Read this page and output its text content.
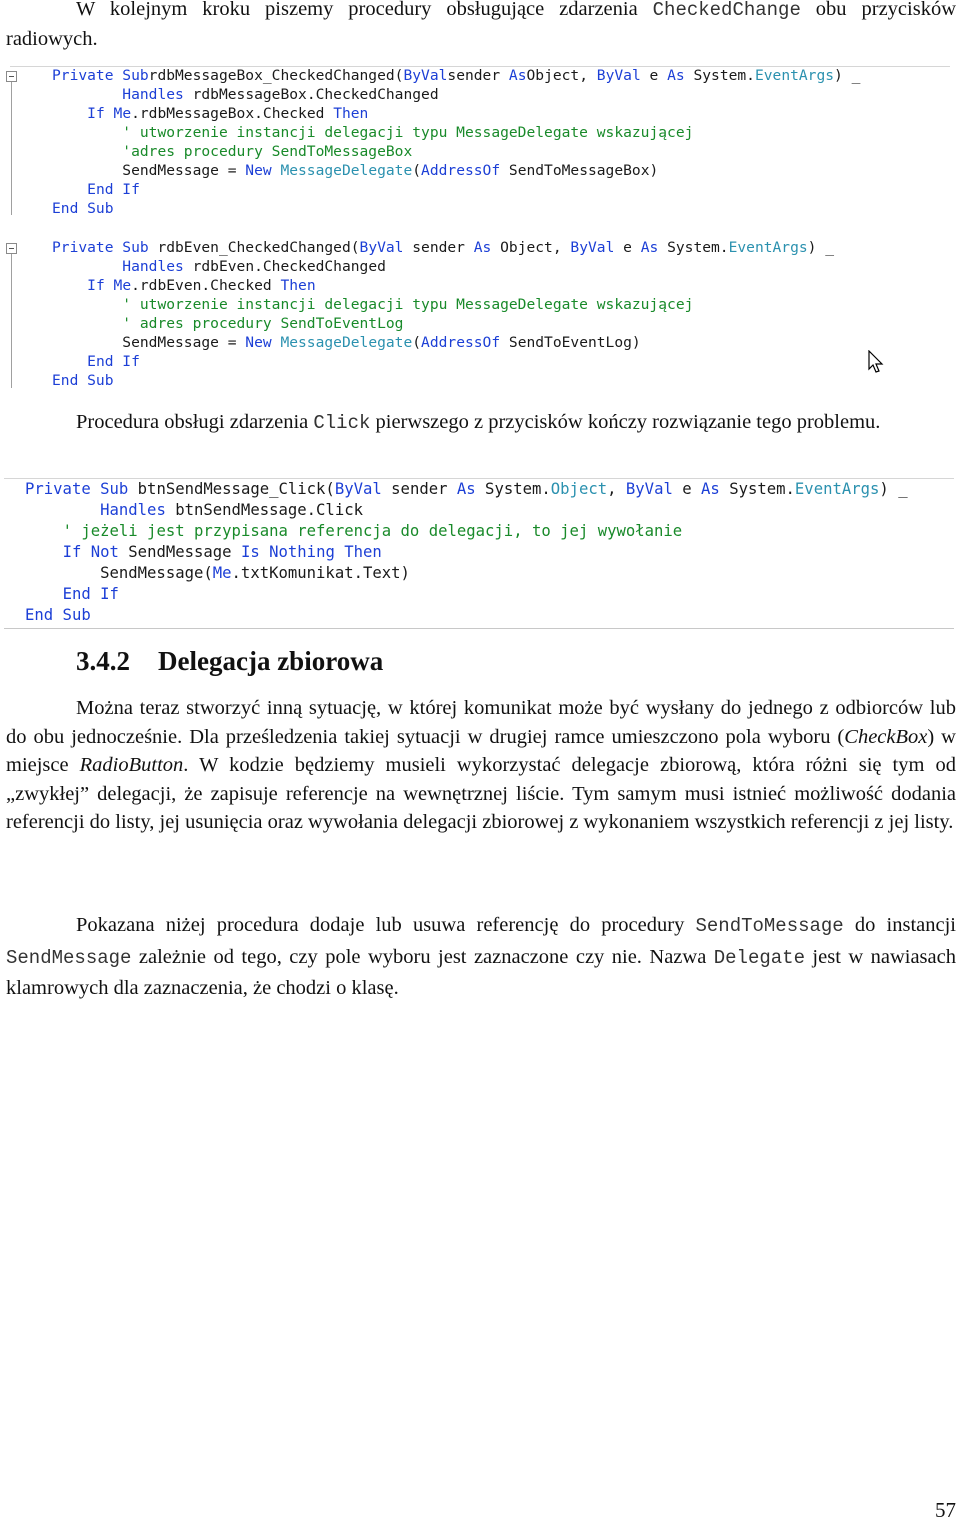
W kolejnym kroku piszemy procedury obsługujące zdarzenia CheckedChange obu przycisków radiowych.

Private SubrdbMessageBox_CheckedChanged(ByValsender AsObject, ByVal e As System.EventArgs) _
Handles rdbMessageBox.CheckedChanged
If Me.rdbMessageBox.Checked Then
' utworzenie instancji delegacji typu MessageDelegate wskazującej
'adres procedury SendToMessageBox
SendMessage = New MessageDelegate(AddressOf SendToMessageBox)
End If
End Sub
Private Sub rdbEven_CheckedChanged(ByVal sender As Object, ByVal e As System.EventArgs) _
Handles rdbEven.CheckedChanged
If Me.rdbEven.Checked Then
' utworzenie instancji delegacji typu MessageDelegate wskazującej
' adres procedury SendToEventLog
SendMessage = New MessageDelegate(AddressOf SendToEventLog)
End If
End Sub

Procedura obsługi zdarzenia Click pierwszego z przycisków kończy rozwiązanie tego problemu.

Private Sub btnSendMessage_Click(ByVal sender As System.Object, ByVal e As System.EventArgs) _
Handles btnSendMessage.Click
' jeżeli jest przypisana referencja do delegacji, to jej wywołanie
If Not SendMessage Is Nothing Then
SendMessage(Me.txtKomunikat.Text)
End If
End Sub
3.4.2 Delegacja zbiorowa

Można teraz stworzyć inną sytuację, w której komunikat może być wysłany do jednego z odbiorców lub do obu jednocześnie. Dla prześledzenia takiej sytuacji w drugiej ramce umieszczono pola wyboru (CheckBox) w miejsce RadioButton. W kodzie będziemy musieli wykorzystać delegacje zbiorową, która różni się tym od „zwykłej” delegacji, że zapisuje referencje na wewnętrznej liście. Tym samym musi istnieć możliwość dodania referencji do listy, jej usunięcia oraz wywołania delegacji zbiorowej z wykonaniem wszystkich referencji z jej listy.

Pokazana niżej procedura dodaje lub usuwa referencję do procedury SendToMessage do instancji SendMessage zależnie od tego, czy pole wyboru jest zaznaczone czy nie. Nazwa Delegate jest w nawiasach klamrowych dla zaznaczenia, że chodzi o klasę.

57
